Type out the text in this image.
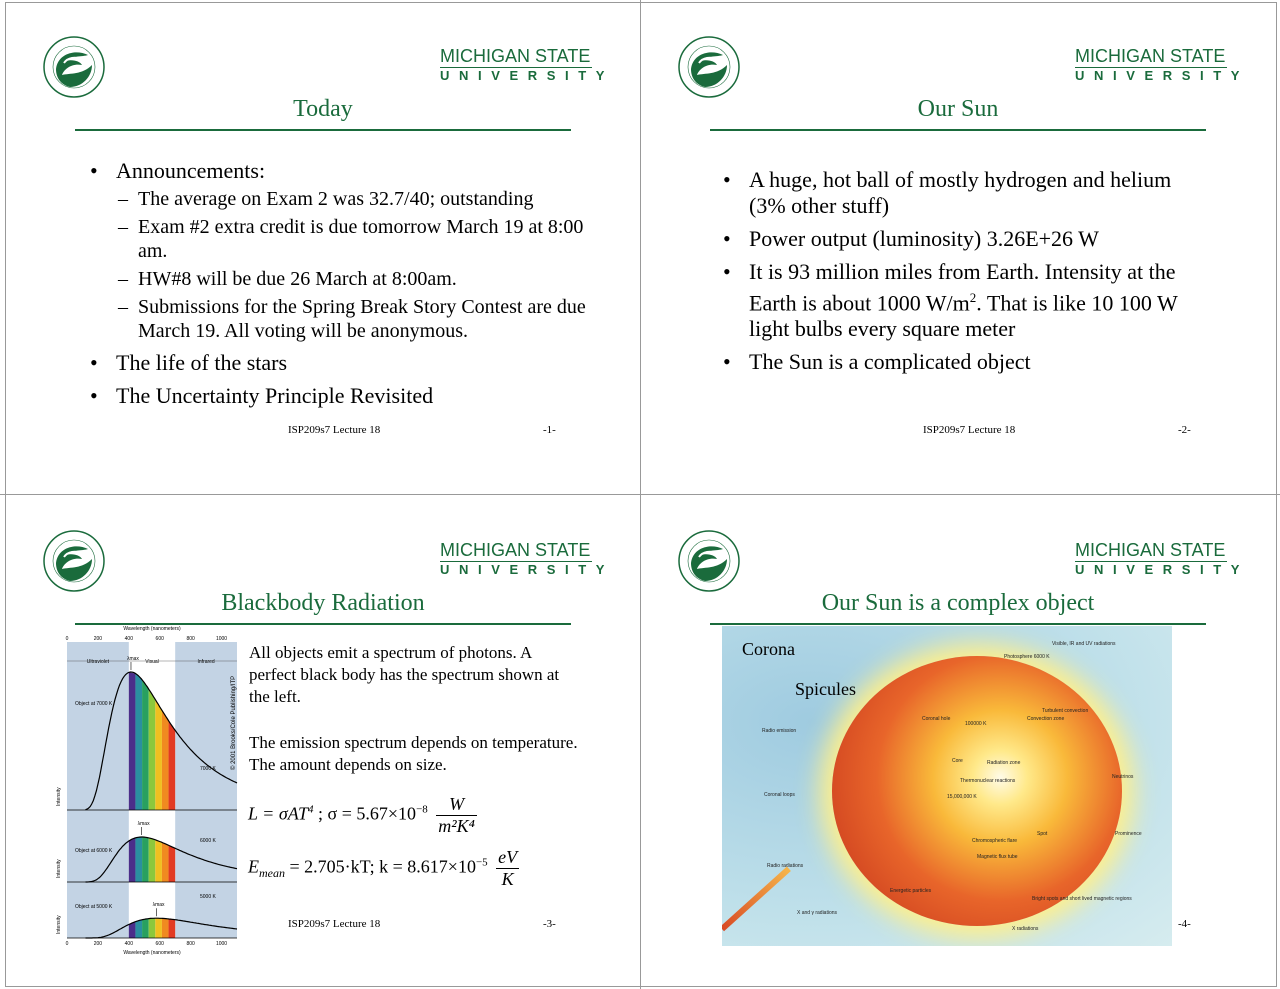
• Announcements:
– The average on Exam 2 was 32.7/40; outstanding
– Exam #2 extra credit is due tomorrow March 19 at 8:00 am.
– HW#8 will be due 26 March at 8:00am.
– Submissions for the Spring Break Story Contest are due March 19. All voting will be anonymous.
• The life of the stars
• The Uncertainty Principle Revisited
MICHIGAN STATE
UNIVERSITY
Today
ISP209s7 Lecture 18	-1-
• A huge, hot ball of mostly hydrogen and helium (3% other stuff)
• Power output (luminosity) 3.26E+26 W
• It is 93 million miles from Earth. Intensity at the Earth is about 1000 $W/m^2$. That is like 10 100 W light bulbs every square meter
• The Sun is a complicated object
MICHIGAN STATE
UNIVERSITY
Our Sun
ISP209s7 Lecture 18	-2-
Object at 7000 K
7000 K
λmax
Intensity
Object at 6000 K
6000 K
λmax
Intensity
Object at 5000 K
5000 K
λmax
Intensity
0
0
200
200
400
400
600
600
800
800
1000
1000
Wavelength (nanometers)
Wavelength (nanometers)
Ultraviolet	Visual	Infrared
© 2001 Brooks/Cole Publishing/ITP
All objects emit a spectrum of photons. A perfect black body has the spectrum shown at the left.
The emission spectrum depends on temperature. The amount depends on size.
L = σAT$^4$ ; $\sigma = 5.67\times 10^{-8} \frac{W}{\text{m²K⁴}}$
$E_{mean} = 2.705\cdot kT$; $k = 8.617\times 10^{-5} \frac{eV}{K}$
MICHIGAN STATE
UNIVERSITY
Blackbody Radiation
ISP209s7 Lecture 18	-3-
MICHIGAN STATE
UNIVERSITY
Our Sun is a complex object
-4-
Corona
Spicules
Visible, IR and UV radiations
Photosphere 6000 K
Turbulent convection
Convection zone
100000 K
Coronal hole
Radio emission
Core	Radiation zone
Thermonuclear reactions
15,000,000 K
Neutrinos
Coronal loops
Spot	Prominence
Chromospheric flare
Magnetic flux tube
Radio radiations
Energetic particles
X and γ radiations
Bright spots and short lived magnetic regions
X radiations
